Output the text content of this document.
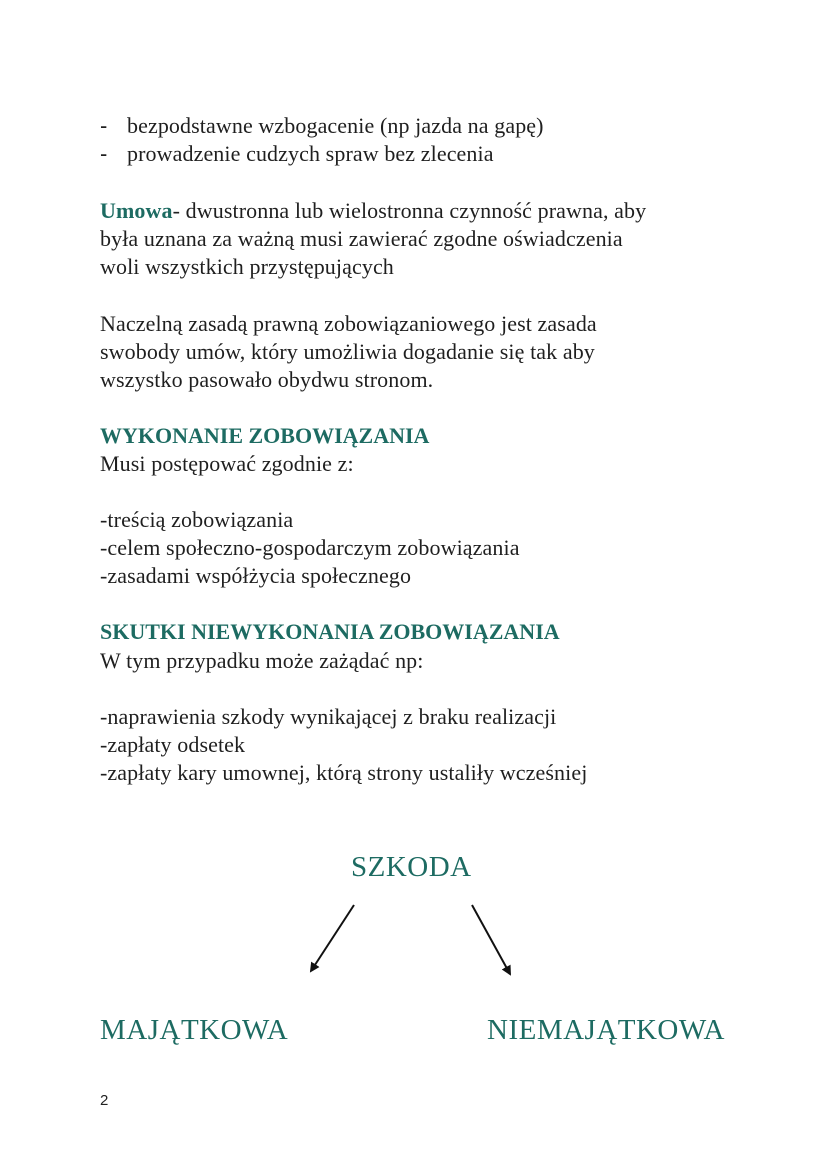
- bezpodstawne wzbogacenie (np jazda na gapę)
- prowadzenie cudzych spraw bez zlecenia
Umowa- dwustronna lub wielostronna czynność prawna, aby
była uznana za ważną musi zawierać zgodne oświadczenia
woli wszystkich przystępujących
Naczelną zasadą prawną zobowiązaniowego jest zasada
swobody umów, który umożliwia dogadanie się tak aby
wszystko pasowało obydwu stronom.
WYKONANIE ZOBOWIĄZANIA
Musi postępować zgodnie z:
-treścią zobowiązania
-celem społeczno-gospodarczym zobowiązania
-zasadami współżycia społecznego
SKUTKI NIEWYKONANIA ZOBOWIĄZANIA
W tym przypadku może zażądać np:
-naprawienia szkody wynikającej z braku realizacji
-zapłaty odsetek
-zapłaty kary umownej, którą strony ustaliły wcześniej
SZKODA
MAJĄTKOWA	NIEMAJĄTKOWA
2
